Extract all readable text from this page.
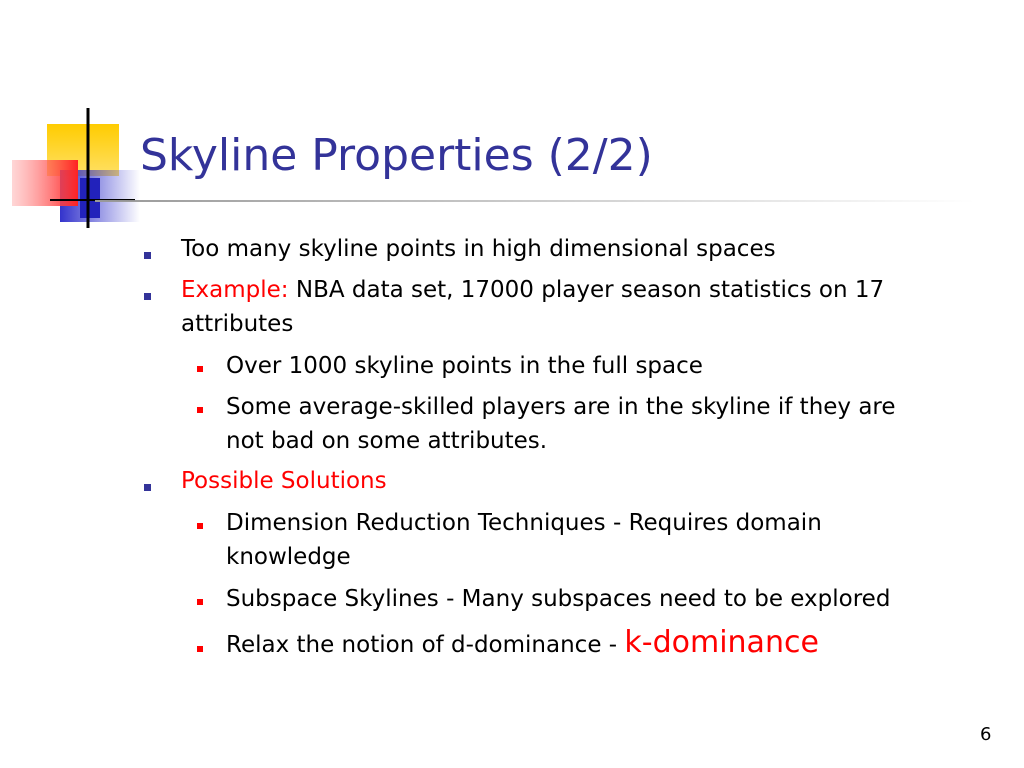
Skyline Properties (2/2)
Too many skyline points in high dimensional spaces
Example: NBA data set, 17000 player season statistics on 17
attributes
Over 1000 skyline points in the full space
Some average-skilled players are in the skyline if they are
not bad on some attributes.
Possible Solutions
Dimension Reduction Techniques - Requires domain
knowledge
Subspace Skylines - Many subspaces need to be explored
Relax the notion of d-dominance - k-dominance
6
